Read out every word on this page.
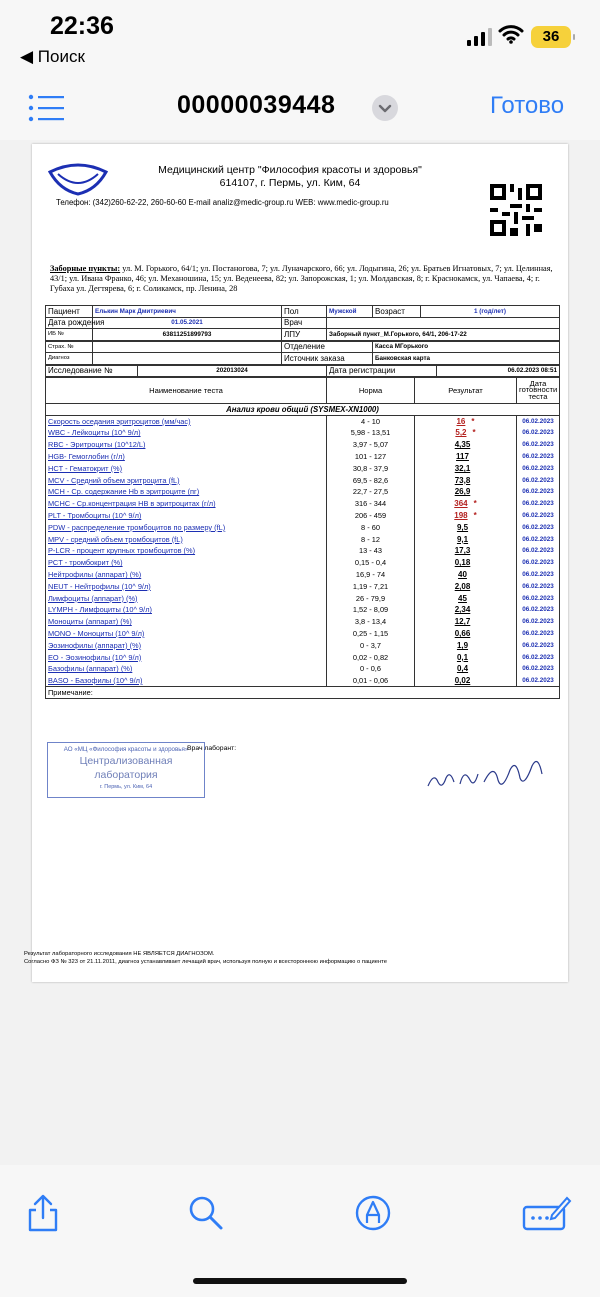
22:36
◀ Поиск
36
00000039448	Готово
Медицинский центр "Философия красоты и здоровья"
614107, г. Пермь, ул. Ким, 64
Телефон: (342)260-62-22, 260-60-60 E-mail analiz@medic-group.ru WEB: www.medic-group.ru
Заборные пункты: ул. М. Горького, 64/1; ул. Постаногова, 7; ул. Луначарского, 66; ул. Лодыгина, 26; ул. Братьев Игнатовых, 7; ул. Целинная, 43/1; ул. Ивана Франко, 46; ул. Механошина, 15; ул. Веденеева, 82; ул. Запорожская, 1; ул. Молдавская, 8; г. Краснокамск, ул. Чапаева, 4; г. Губаха ул. Дегтярева, 6; г. Соликамск, пр. Ленина, 28
Пациент	Елькин Марк Дмитриевич	Пол	Мужской	Возраст	1 (год/лет)
Дата рождения	01.05.2021	Врач			
ИБ №	63811251899793	ЛПУ	Заборный пункт_М.Горького, 64/1, 206-17-22		
Страх. №		Отделение	Касса МГорького
Диагноз		Источник заказа	Банковская карта
Исследование №	202013024	Дата регистрации	06.02.2023 08:51
Наименование теста	Норма	Результат	Дата готовности теста
Анализ крови общий (SYSMEX-XN1000)			
Скорость оседания эритроцитов (мм/час)	4 - 10	16 *	06.02.2023
WBC - Лейкоциты (10^ 9/л)	5,98 - 13,51	5,2 *	06.02.2023
RBC - Эритроциты (10^12/L)	3,97 - 5,07	4,35	06.02.2023
HGB- Гемоглобин (г/л)	101 - 127	117	06.02.2023
HCT - Гематокрит (%)	30,8 - 37,9	32,1	06.02.2023
MCV - Средний объем эритроцита (fL)	69,5 - 82,6	73,8	06.02.2023
MCH - Ср. содержание Hb в эритроците (пг)	22,7 - 27,5	26,9	06.02.2023
MCHC - Ср.концентрация HB в эритроцитах (г/л)	316 - 344	364 *	06.02.2023
PLT - Тромбоциты (10^ 9/л)	206 - 459	198 *	06.02.2023
PDW - распределение тромбоцитов по размеру (fL)	8 - 60	9,5	06.02.2023
MPV - средний объем тромбоцитов (fL)	8 - 12	9,1	06.02.2023
P-LCR - процент крупных тромбоцитов (%)	13 - 43	17,3	06.02.2023
PCT - тромбокрит (%)	0,15 - 0,4	0,18	06.02.2023
Нейтрофилы (аппарат) (%)	16,9 - 74	40	06.02.2023
NEUT - Нейтрофилы (10^ 9/л)	1,19 - 7,21	2,08	06.02.2023
Лимфоциты (аппарат) (%)	26 - 79,9	45	06.02.2023
LYMPH - Лимфоциты (10^ 9/л)	1,52 - 8,09	2,34	06.02.2023
Моноциты (аппарат) (%)	3,8 - 13,4	12,7	06.02.2023
MONO - Моноциты (10^ 9/л)	0,25 - 1,15	0,66	06.02.2023
Эозинофилы (аппарат) (%)	0 - 3,7	1,9	06.02.2023
EO - Эозинофилы (10^ 9/л)	0,02 - 0,82	0,1	06.02.2023
Базофилы (аппарат) (%)	0 - 0,6	0,4	06.02.2023
BASO - Базофилы (10^ 9/л)	0,01 - 0,06	0,02	06.02.2023
Примечание:			
АО «МЦ «Философия красоты и здоровья»
Централизованная
лаборатория
г. Пермь, ул. Ким, 64
Врач лаборант:
Результат лабораторного исследования НЕ ЯВЛЯЕТСЯ ДИАГНОЗОМ.
Согласно ФЗ № 323 от 21.11.2011, диагноз устанавливает лечащий врач, используя полную и всестороннюю информацию о пациенте
